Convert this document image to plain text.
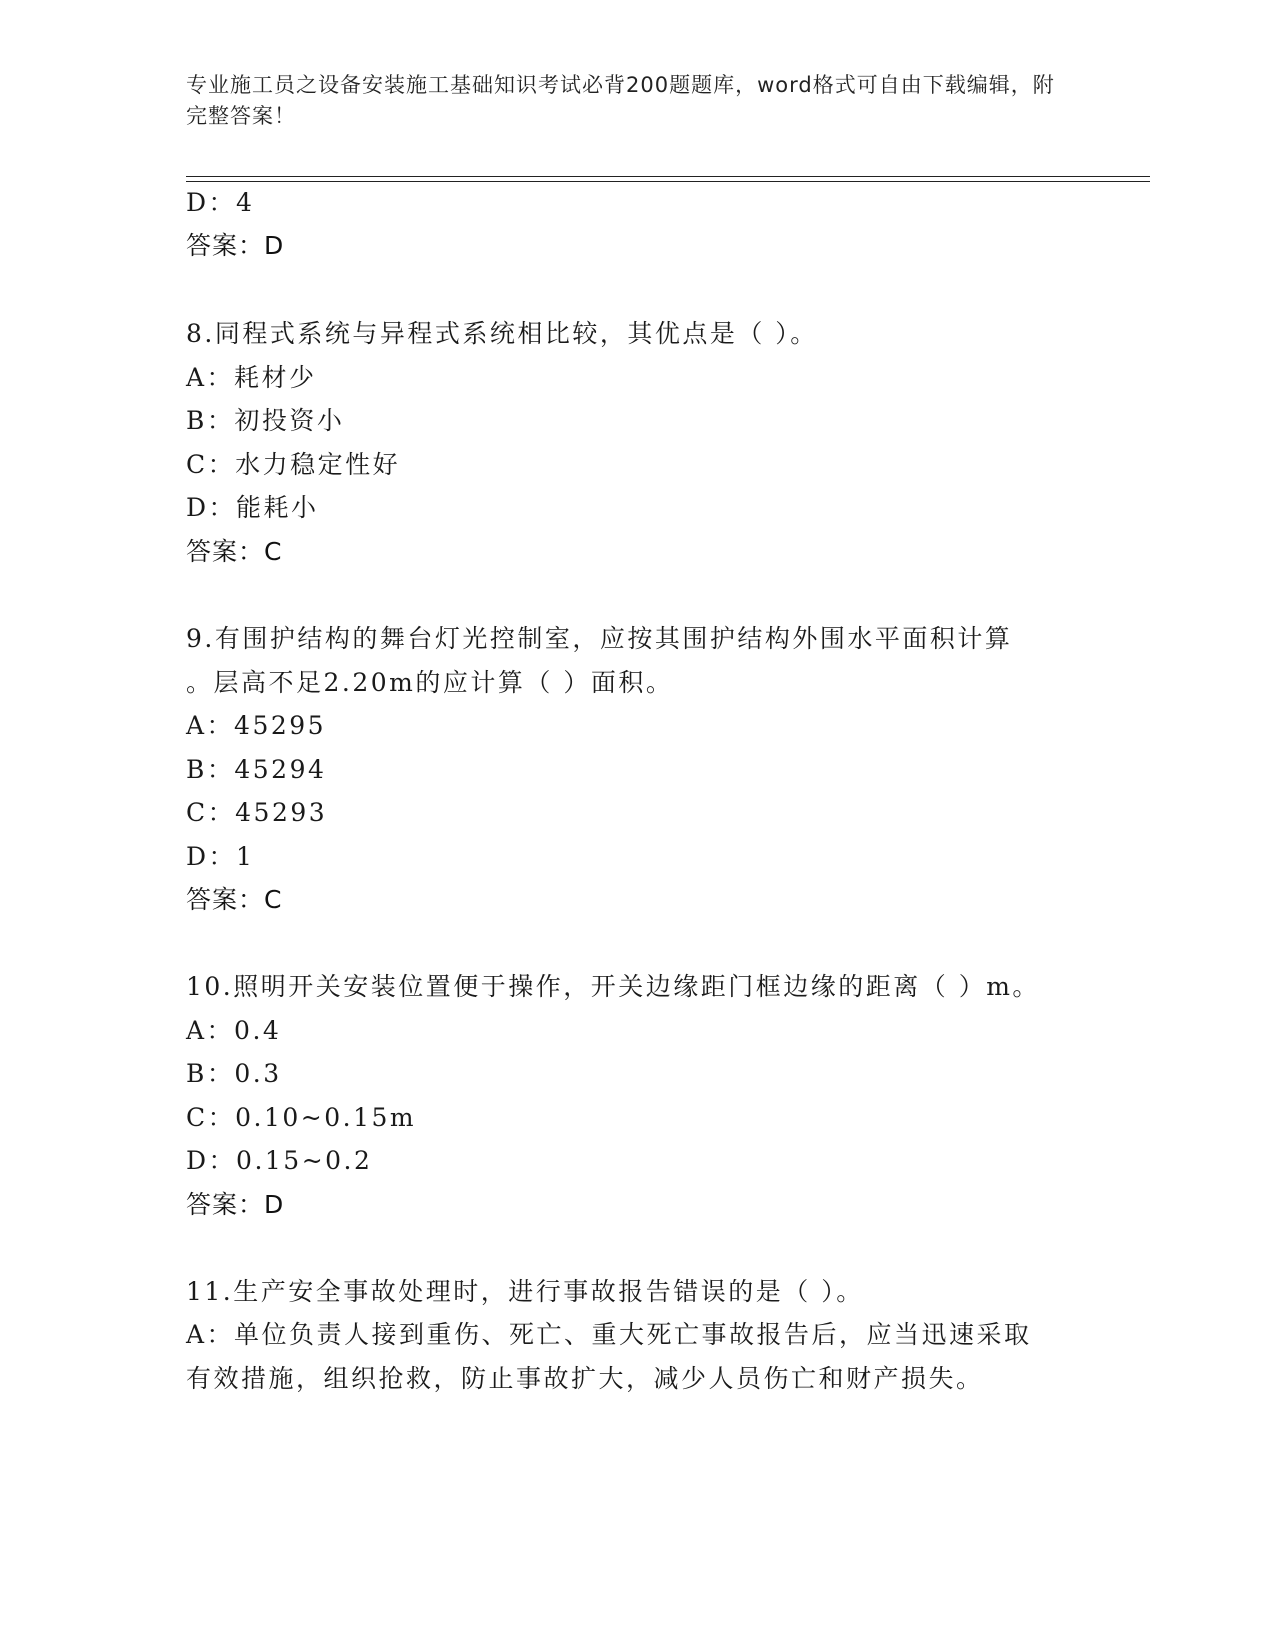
专业施工员之设备安装施工基础知识考试必背200题题库，word格式可自由下载编辑，附完整答案！
D：4
答案：D
8.同程式系统与异程式系统相比较，其优点是（ ）。
A：耗材少
B：初投资小
C：水力稳定性好
D：能耗小
答案：C
9.有围护结构的舞台灯光控制室，应按其围护结构外围水平面积计算
。层高不足2.20m的应计算（ ）面积。
A：45295
B：45294
C：45293
D：1
答案：C
10.照明开关安装位置便于操作，开关边缘距门框边缘的距离（ ）m。
A：0.4
B：0.3
C：0.10~0.15m
D：0.15~0.2
答案：D
11.生产安全事故处理时，进行事故报告错误的是（ ）。
A：单位负责人接到重伤、死亡、重大死亡事故报告后，应当迅速采取
有效措施，组织抢救，防止事故扩大，减少人员伤亡和财产损失。
